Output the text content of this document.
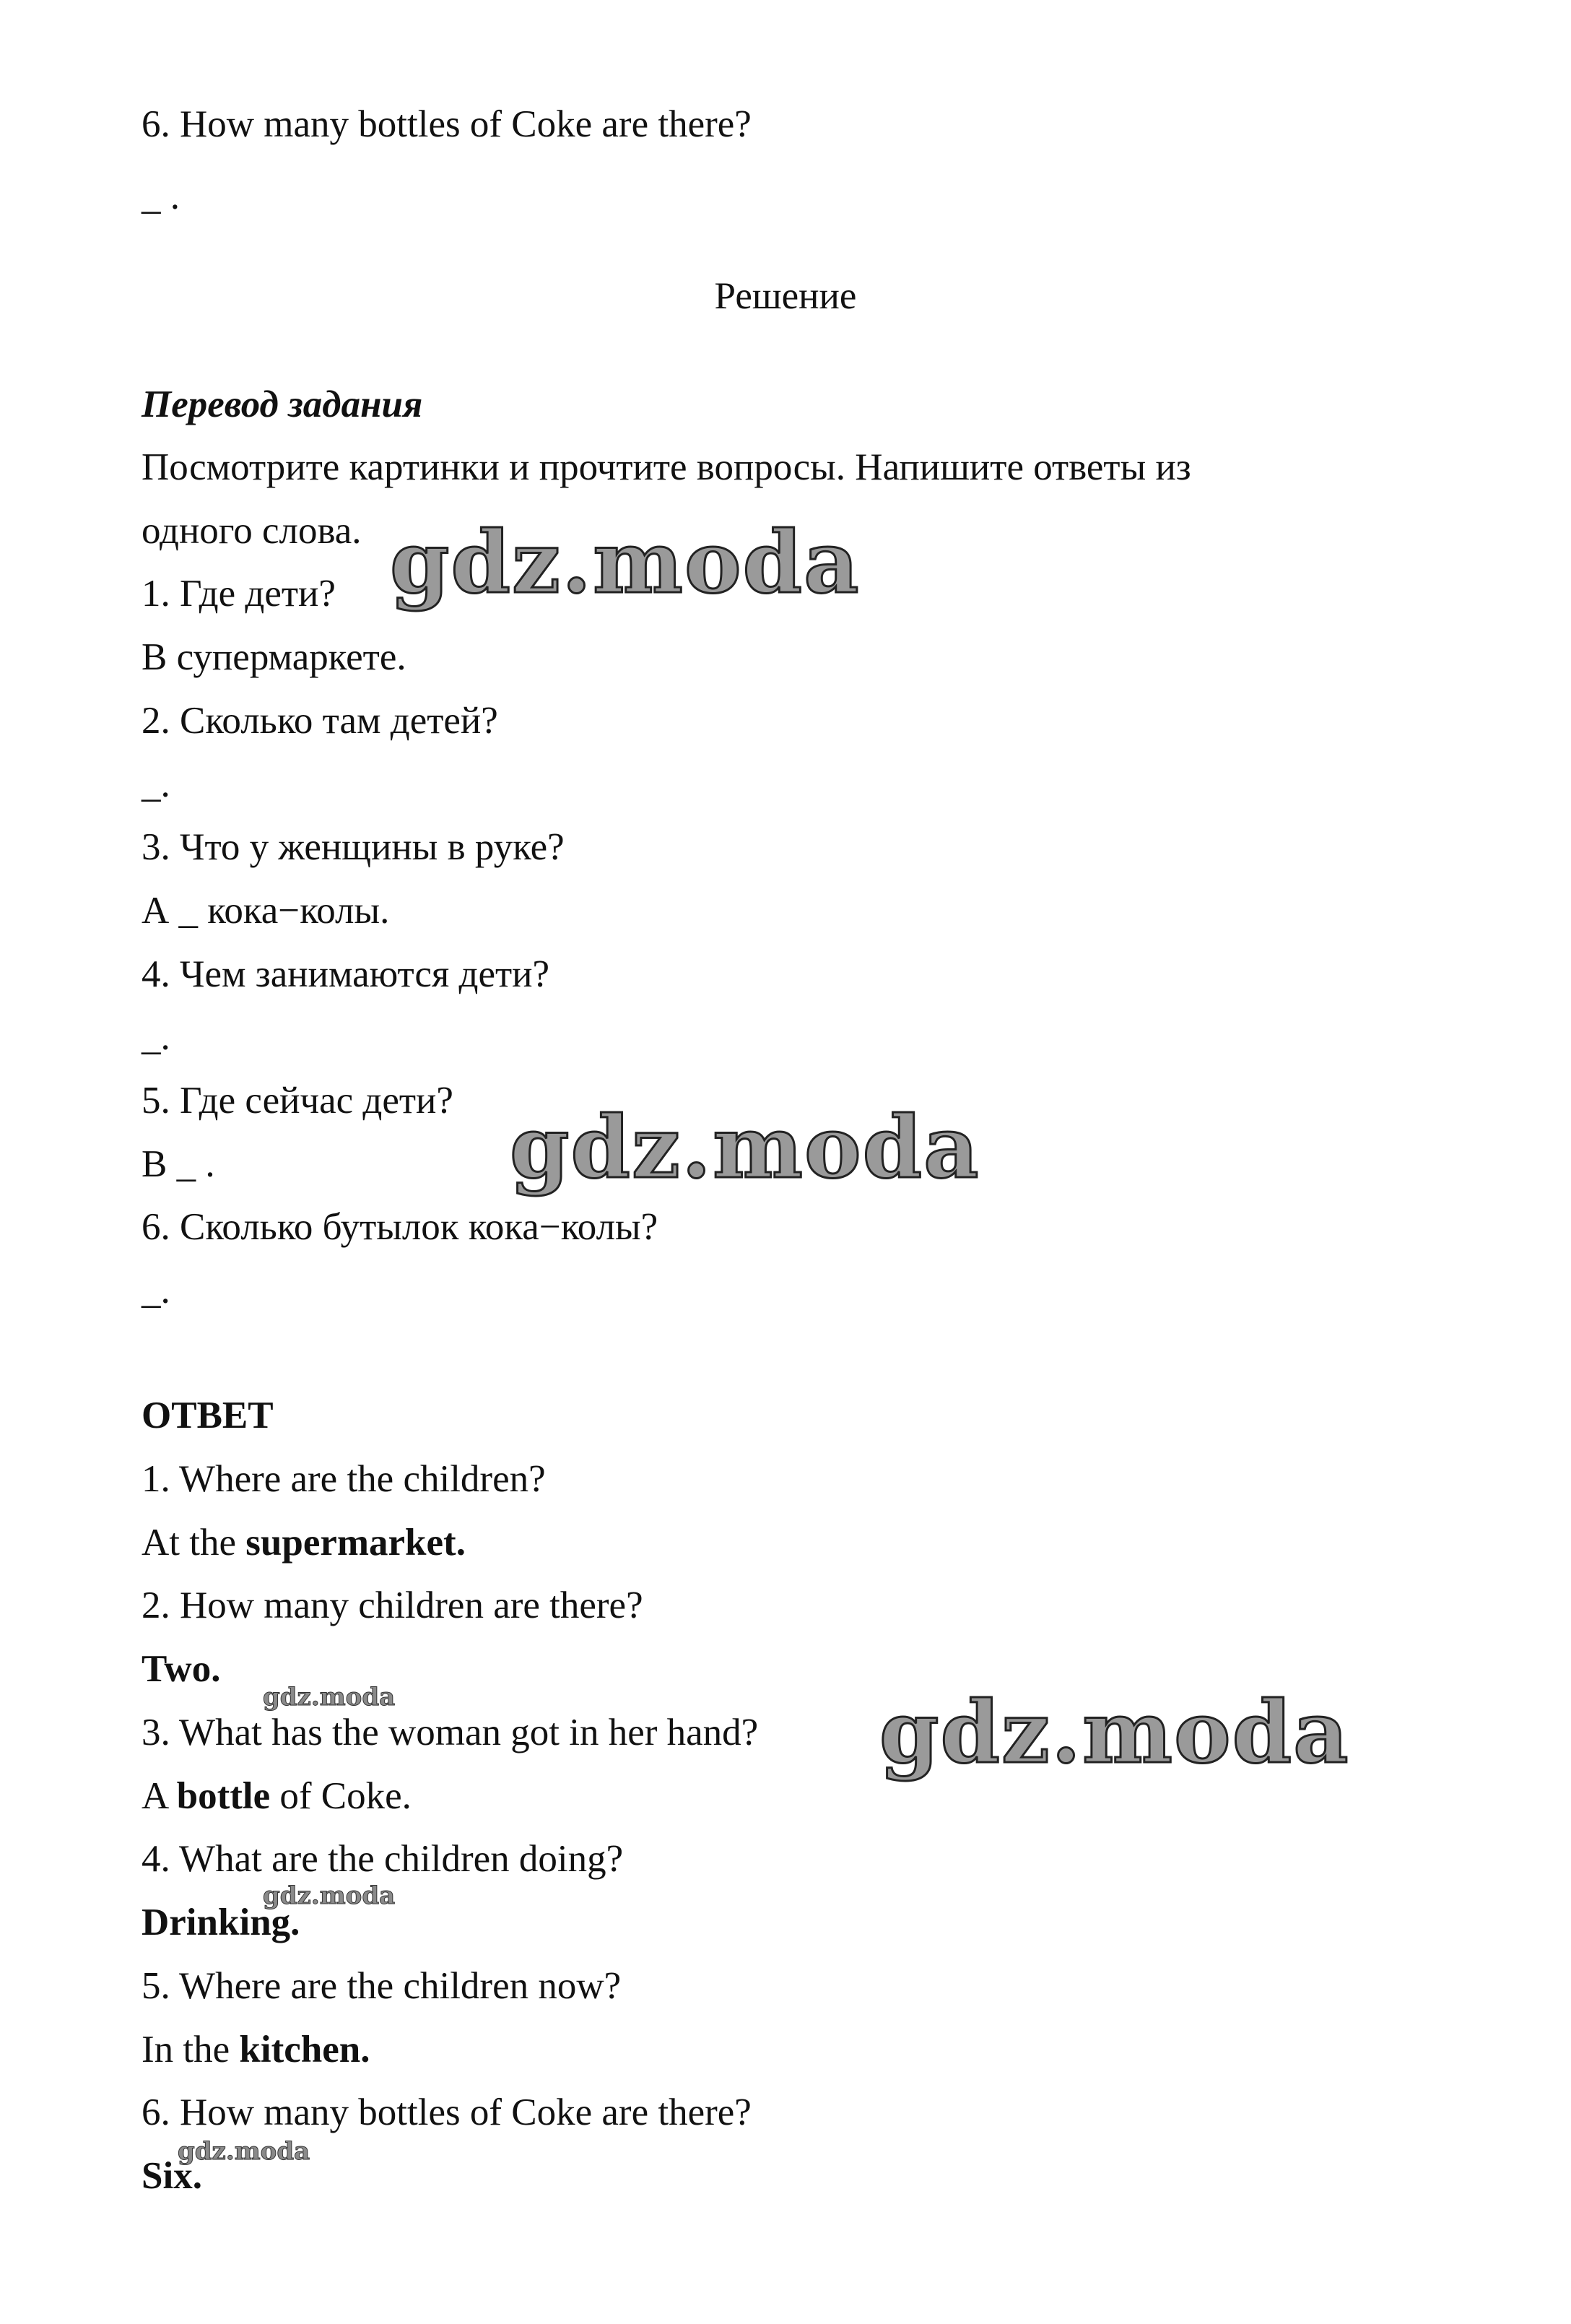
6. How many bottles of Coke are there?

_ .

Решение

Перевод задания

Посмотрите картинки и прочтите вопросы. Напишите ответы из

одного слова.

1. Где дети?

В супермаркете.

2. Сколько там детей?

_.

3. Что у женщины в руке?

А _ кока−колы.

4. Чем занимаются дети?

_.

5. Где сейчас дети?

В _ .

6. Сколько бутылок кока−колы?

_.

ОТВЕТ

1. Where are the children?

At the supermarket.

2. How many children are there?

Two.

3. What has the woman got in her hand?

A bottle of Coke.

4. What are the children doing?

Drinking.

5. Where are the children now?

In the kitchen.

6. How many bottles of Coke are there?

Six.

gdz.moda
gdz.moda
gdz.moda
gdz.moda
gdz.moda
gdz.moda
